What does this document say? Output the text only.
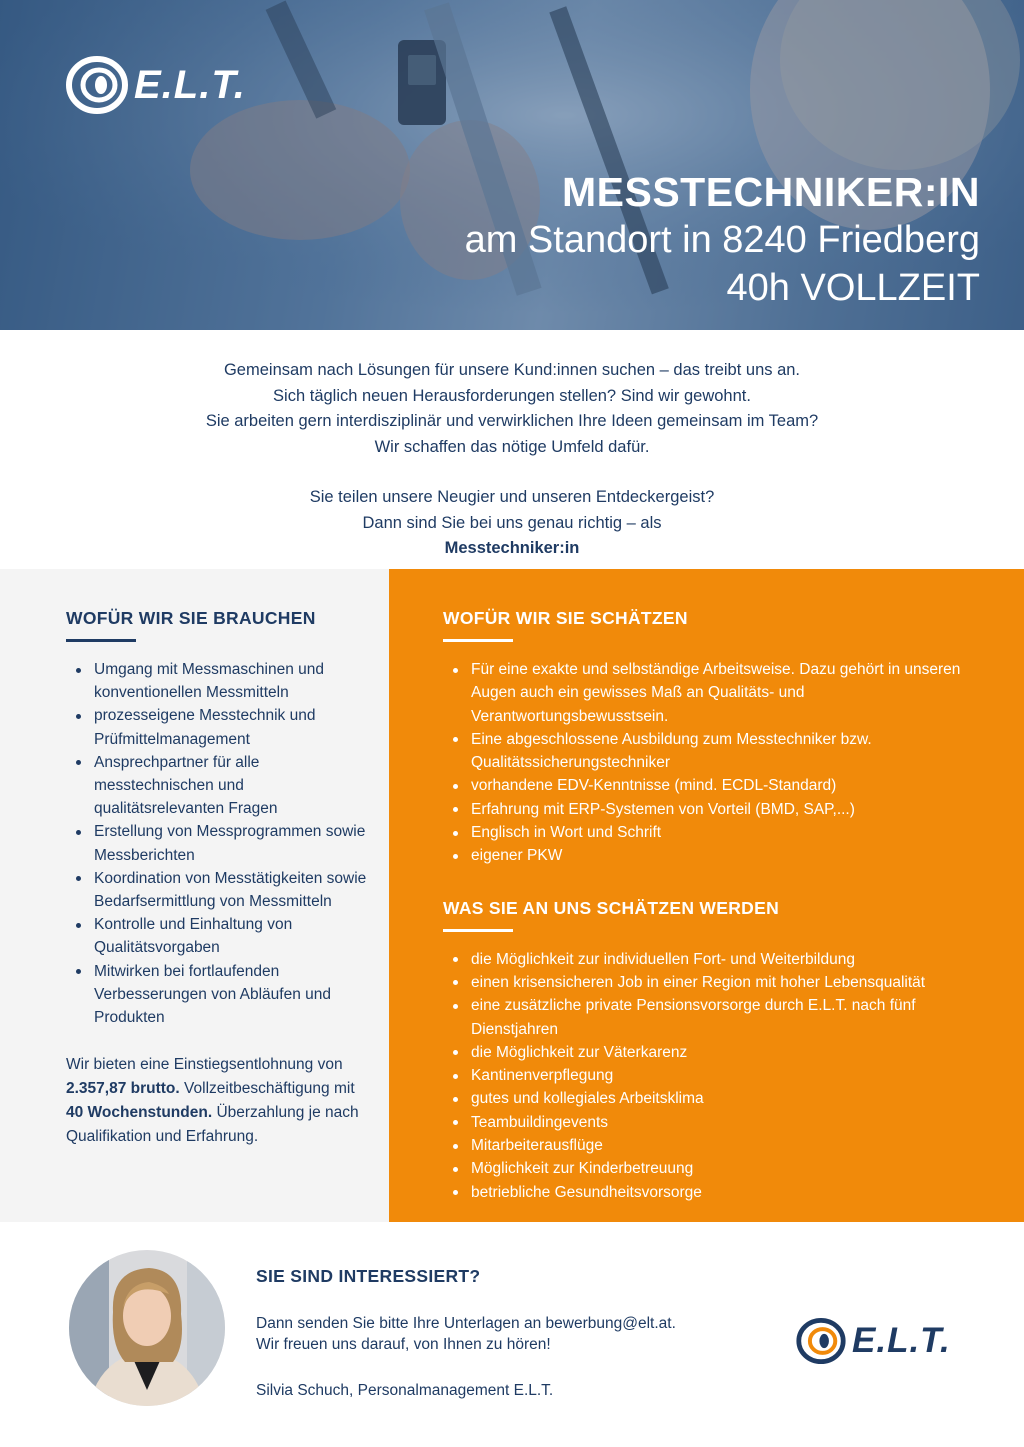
E.L.T.
MESSTECHNIKER:IN
am Standort in 8240 Friedberg
40h VOLLZEIT

Gemeinsam nach Lösungen für unsere Kund:innen suchen – das treibt uns an.

Sich täglich neuen Herausforderungen stellen? Sind wir gewohnt.

Sie arbeiten gern interdisziplinär und verwirklichen Ihre Ideen gemeinsam im Team?

Wir schaffen das nötige Umfeld dafür.

Sie teilen unsere Neugier und unseren Entdeckergeist?

Dann sind Sie bei uns genau richtig – als

Messtechniker:in

WOFÜR WIR SIE BRAUCHEN
Umgang mit Messmaschinen und konventionellen Messmitteln
prozesseigene Messtechnik und Prüfmittelmanagement
Ansprechpartner für alle messtechnischen und qualitätsrelevanten Fragen
Erstellung von Messprogrammen sowie Messberichten
Koordination von Messtätigkeiten sowie Bedarfsermittlung von Messmitteln
Kontrolle und Einhaltung von Qualitätsvorgaben
Mitwirken bei fortlaufenden Verbesserungen von Abläufen und Produkten

Wir bieten eine Einstiegsentlohnung von 2.357,87 brutto. Vollzeitbeschäftigung mit 40 Wochenstunden. Überzahlung je nach Qualifikation und Erfahrung.

WOFÜR WIR SIE SCHÄTZEN
Für eine exakte und selbständige Arbeitsweise. Dazu gehört in unseren Augen auch ein gewisses Maß an Qualitäts- und Verantwortungsbewusstsein.
Eine abgeschlossene Ausbildung zum Messtechniker bzw. Qualitätssicherungstechniker
vorhandene EDV-Kenntnisse (mind. ECDL-Standard)
Erfahrung mit ERP-Systemen von Vorteil (BMD, SAP,...)
Englisch in Wort und Schrift
eigener PKW
WAS SIE AN UNS SCHÄTZEN WERDEN
die Möglichkeit zur individuellen Fort- und Weiterbildung
einen krisensicheren Job in einer Region mit hoher Lebensqualität
eine zusätzliche private Pensionsvorsorge durch E.L.T. nach fünf Dienstjahren
die Möglichkeit zur Väterkarenz
Kantinenverpflegung
gutes und kollegiales Arbeitsklima
Teambuildingevents
Mitarbeiterausflüge
Möglichkeit zur Kinderbetreuung
betriebliche Gesundheitsvorsorge
SIE SIND INTERESSIERT?

Dann senden Sie bitte Ihre Unterlagen an bewerbung@elt.at.

Wir freuen uns darauf, von Ihnen zu hören!

Silvia Schuch, Personalmanagement E.L.T.

E.L.T.
